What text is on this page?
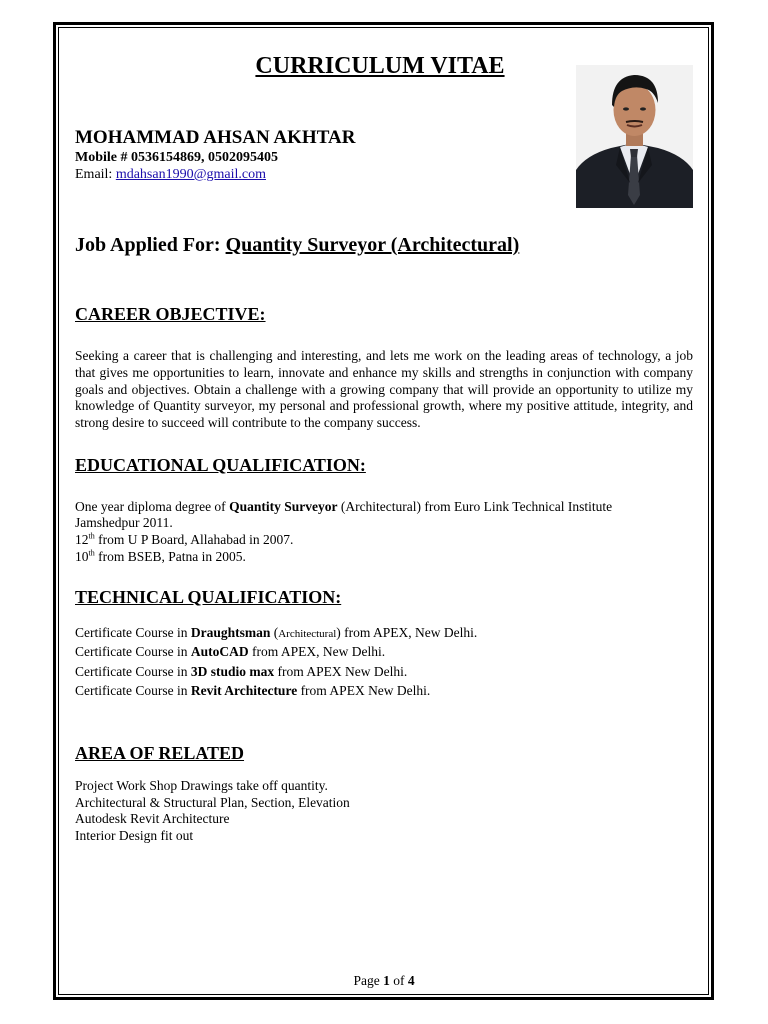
CURRICULUM VITAE
MOHAMMAD AHSAN AKHTAR
Mobile # 0536154869, 0502095405
Email: mdahsan1990@gmail.com
Job Applied For: Quantity Surveyor (Architectural)
CAREER OBJECTIVE:
Seeking a career that is challenging and interesting, and lets me work on the leading areas of technology, a job that gives me opportunities to learn, innovate and enhance my skills and strengths in conjunction with company goals and objectives. Obtain a challenge with a growing company that will provide an opportunity to utilize my knowledge of Quantity surveyor, my personal and professional growth, where my positive attitude, integrity, and strong desire to succeed will contribute to the company success.
EDUCATIONAL QUALIFICATION:
One year diploma degree of Quantity Surveyor (Architectural) from Euro Link Technical Institute
Jamshedpur 2011.
12th from U P Board, Allahabad in 2007.
10th from BSEB, Patna in 2005.
TECHNICAL QUALIFICATION:
Certificate Course in Draughtsman (Architectural) from APEX, New Delhi.
Certificate Course in AutoCAD from APEX, New Delhi.
Certificate Course in 3D studio max from APEX New Delhi.
Certificate Course in Revit Architecture from APEX New Delhi.
AREA OF RELATED
Project Work Shop Drawings take off quantity.
Architectural & Structural Plan, Section, Elevation
Autodesk Revit Architecture
Interior Design fit out
Page 1 of 4
